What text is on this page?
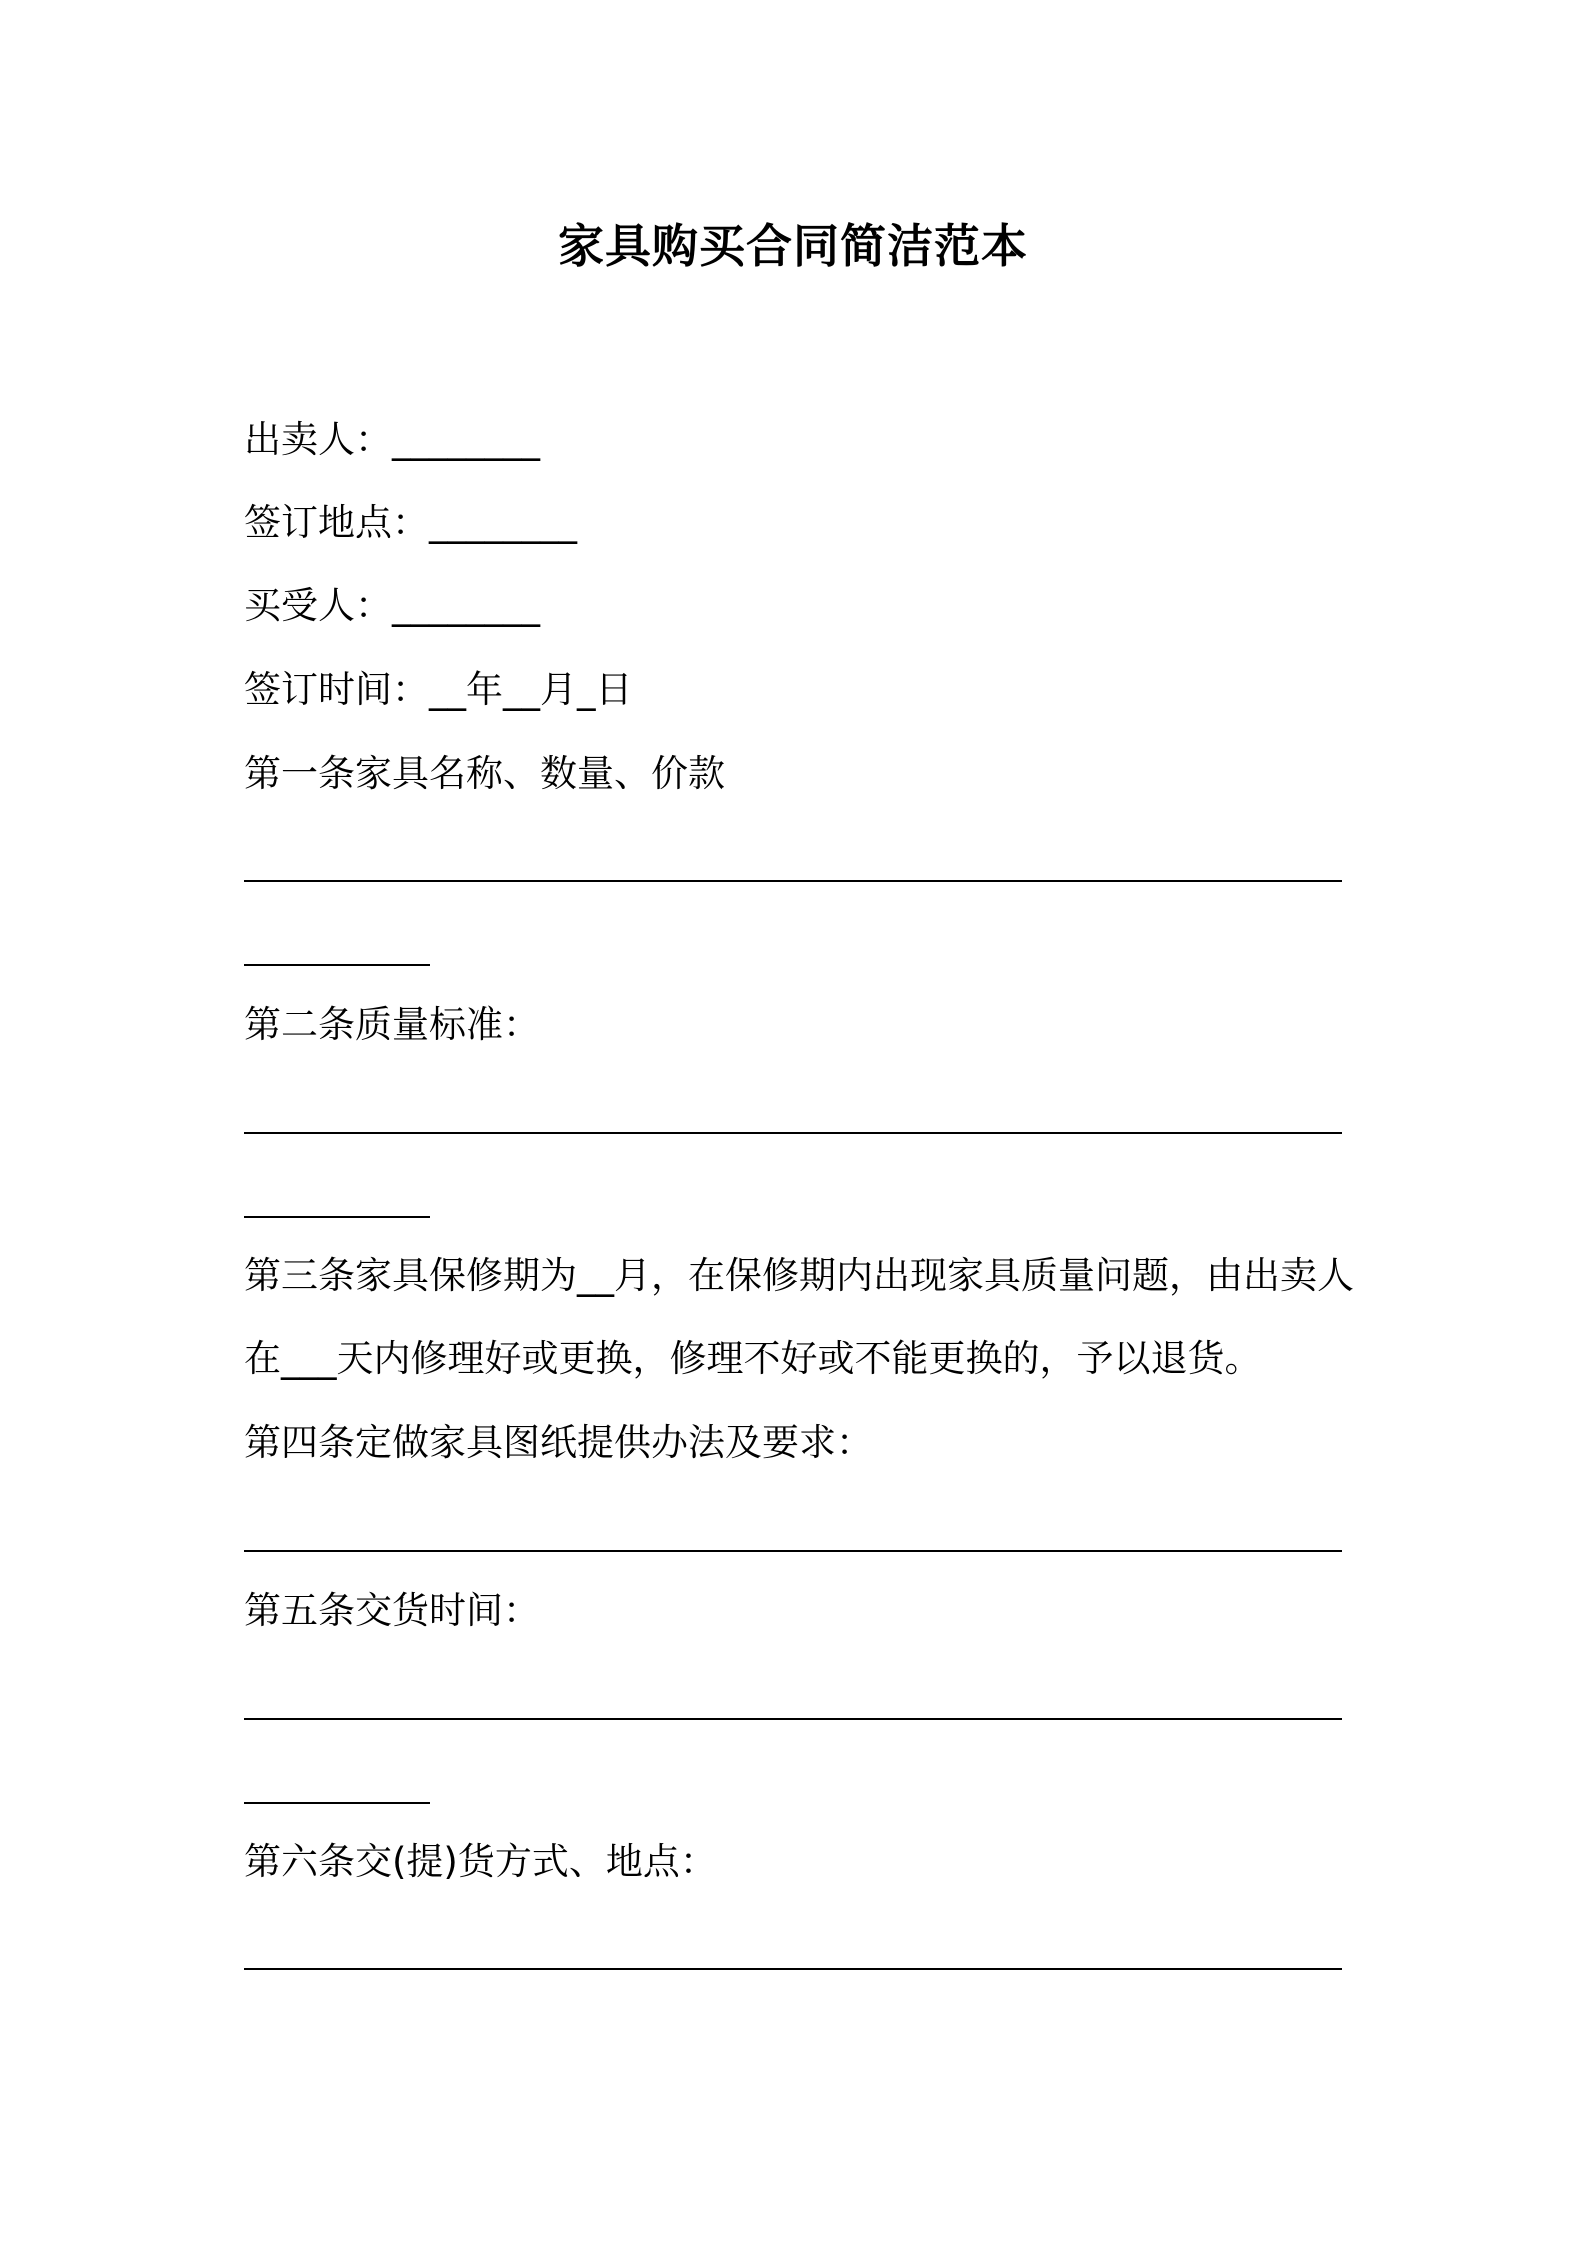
家具购买合同简洁范本
出卖人：________
签订地点：________
买受人：________
签订时间：__年__月_日
第一条家具名称、数量、价款
第二条质量标准：
第三条家具保修期为__月，在保修期内出现家具质量问题，由出卖人
在___天内修理好或更换，修理不好或不能更换的，予以退货。
第四条定做家具图纸提供办法及要求：
第五条交货时间：
第六条交(提)货方式、地点：
